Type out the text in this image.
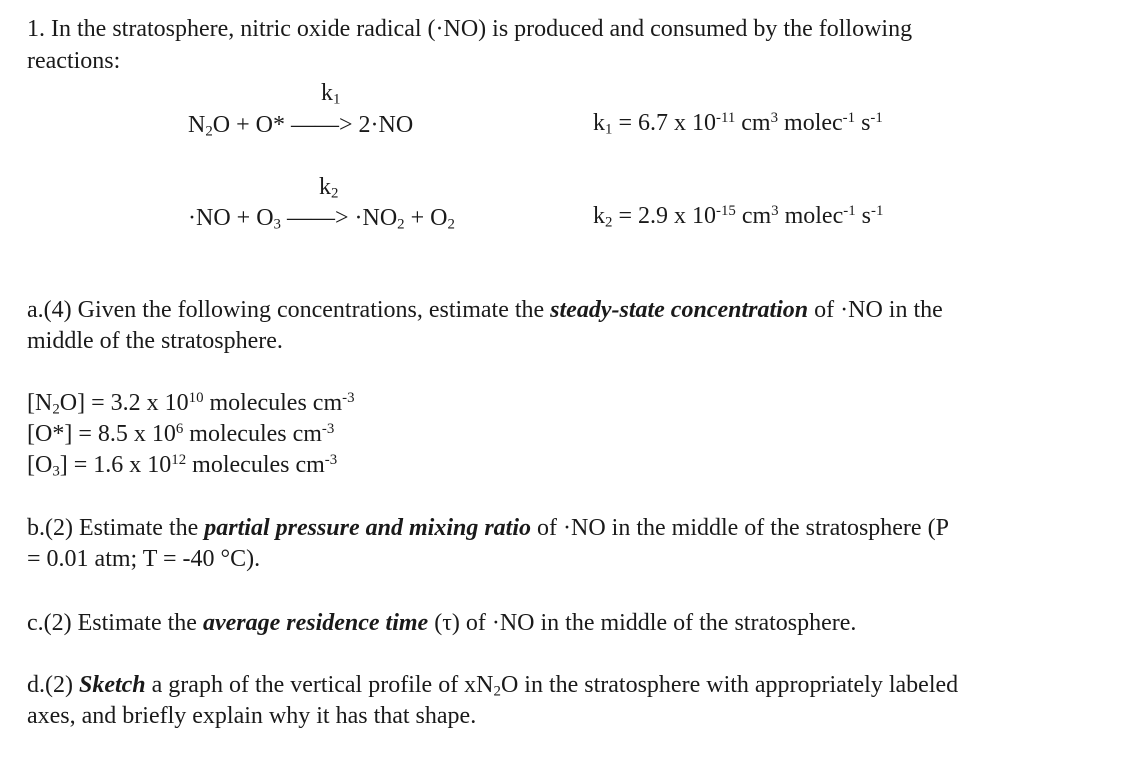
1. In the stratosphere, nitric oxide radical (·NO) is produced and consumed by the following
reactions:
$k_1$
$N_2O + O*$ ——> 2·NO	$k_1 = 6.7$ x $10^{-11}$ $cm^3$ molec$^{-1}$ $s^{-1}$
$k_2$
$\cdot NO + O_3$ ——> $\cdot NO_2 + O_2$	$k_2 = 2.9$ x $10^{-15}$ $cm^3$ molec$^{-1}$ $s^{-1}$
a.(4) Given the following concentrations, estimate the steady-state concentration of ·NO in the
middle of the stratosphere.
$[N_2O] = 3.2$ x $10^{10}$ molecules $cm^{-3}$
[O*] = 8.5 x $10^6$ molecules $cm^{-3}$
$[O_3] = 1.6$ x $10^{12}$ molecules $cm^{-3}$
b.(2) Estimate the partial pressure and mixing ratio of ·NO in the middle of the stratosphere (P
= 0.01 atm; T = -40 °C).
c.(2) Estimate the average residence time (τ) of ·NO in the middle of the stratosphere.
d.(2) Sketch a graph of the vertical profile of $xN_2O$ in the stratosphere with appropriately labeled
axes, and briefly explain why it has that shape.
